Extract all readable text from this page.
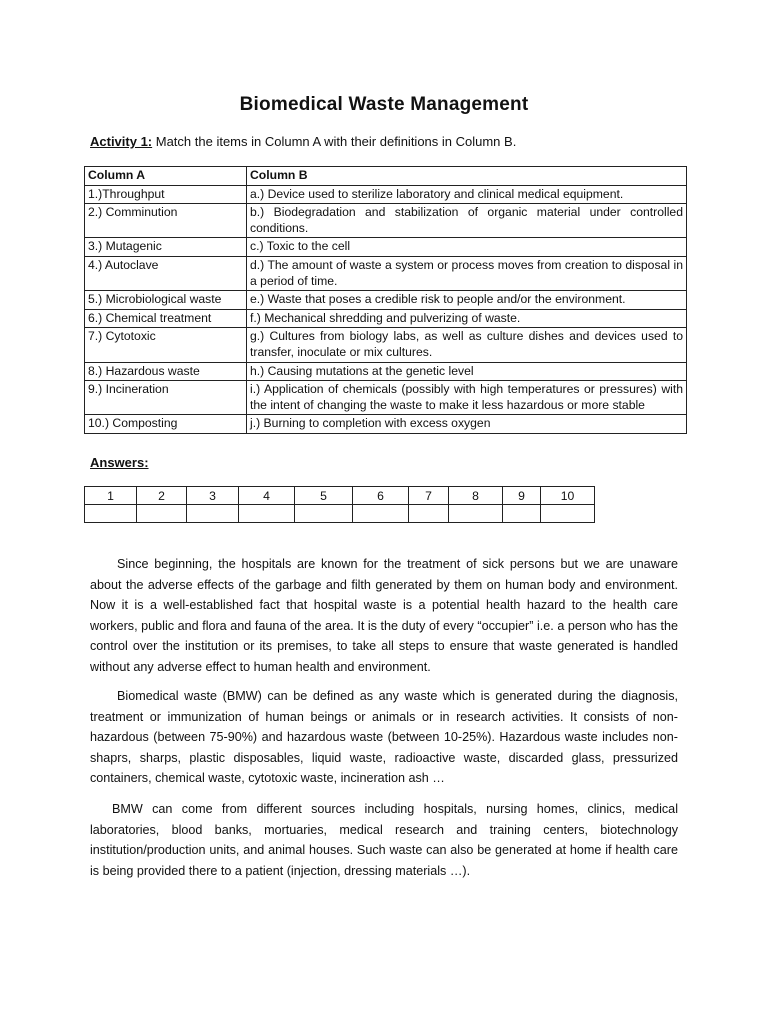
Biomedical Waste Management
Activity 1: Match the items in Column A with their definitions in Column B.
Column A	Column B
1.)Throughput	a.) Device used to sterilize laboratory and clinical medical equipment.
2.) Comminution	b.) Biodegradation and stabilization of organic material under controlled conditions.
3.) Mutagenic	c.) Toxic to the cell
4.) Autoclave	d.) The amount of waste a system or process moves from creation to disposal in a period of time.
5.) Microbiological waste	e.) Waste that poses a credible risk to people and/or the environment.
6.) Chemical treatment	f.) Mechanical shredding and pulverizing of waste.
7.) Cytotoxic	g.) Cultures from biology labs, as well as culture dishes and devices used to transfer, inoculate or mix cultures.
8.) Hazardous waste	h.) Causing mutations at the genetic level
9.) Incineration	i.) Application of chemicals (possibly with high temperatures or pressures) with the intent of changing the waste to make it less hazardous or more stable
10.) Composting	j.) Burning to completion with excess oxygen
Answers:
1	2	3	4	5	6	7	8	9	10

Since beginning, the hospitals are known for the treatment of sick persons but we are unaware about the adverse effects of the garbage and filth generated by them on human body and environment. Now it is a well-established fact that hospital waste is a potential health hazard to the health care workers, public and flora and fauna of the area. It is the duty of every “occupier” i.e. a person who has the control over the institution or its premises, to take all steps to ensure that waste generated is handled without any adverse effect to human health and environment.

Biomedical waste (BMW) can be defined as any waste which is generated during the diagnosis, treatment or immunization of human beings or animals or in research activities. It consists of non-hazardous (between 75-90%) and hazardous waste (between 10-25%). Hazardous waste includes non-shaprs, sharps, plastic disposables, liquid waste, radioactive waste, discarded glass, pressurized containers, chemical waste, cytotoxic waste, incineration ash …

BMW can come from different sources including hospitals, nursing homes, clinics, medical laboratories, blood banks, mortuaries, medical research and training centers, biotechnology institution/production units, and animal houses. Such waste can also be generated at home if health care is being provided there to a patient (injection, dressing materials …).
